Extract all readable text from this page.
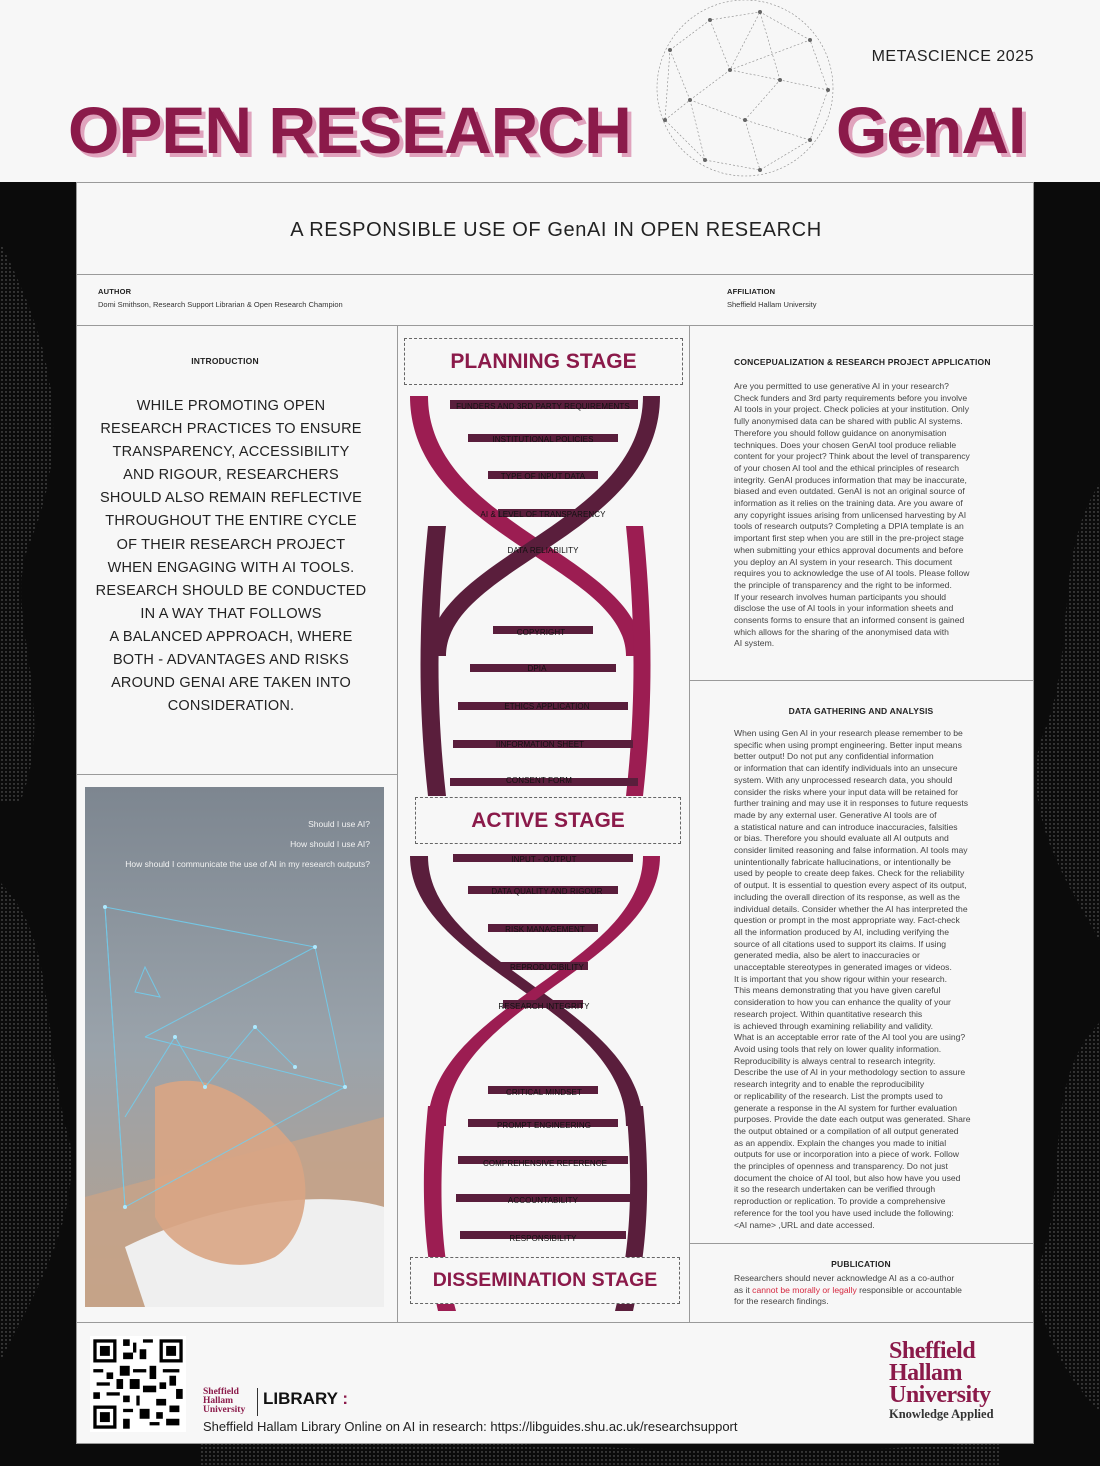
OPEN RESEARCH	GenAI
METASCIENCE 2025
A RESPONSIBLE USE OF GenAI IN OPEN RESEARCH
AUTHOR
Domi Smithson, Research Support Librarian & Open Research Champion
AFFILIATION
Sheffield Hallam University
INTRODUCTION
WHILE PROMOTING OPEN
RESEARCH PRACTICES TO ENSURE
TRANSPARENCY, ACCESSIBILITY
AND RIGOUR, RESEARCHERS
SHOULD ALSO REMAIN REFLECTIVE
THROUGHOUT THE ENTIRE CYCLE
OF THEIR RESEARCH PROJECT
WHEN ENGAGING WITH AI TOOLS.
RESEARCH SHOULD BE CONDUCTED
IN A WAY THAT FOLLOWS
A BALANCED APPROACH, WHERE
BOTH - ADVANTAGES AND RISKS
AROUND GENAI ARE TAKEN INTO
CONSIDERATION.
Should I use AI?
How should I use AI?
How should I communicate the use of AI in my research outputs?
PLANNING STAGE
ACTIVE STAGE
DISSEMINATION STAGE
FUNDERS AND 3RD PARTY REQUIREMENTS
INSTITUTIONAL POLICIES
TYPE OF INPUT DATA
AI & LEVEL OF TRANSPARENCY
DATA RELIABILITY
COPYRIGHT
DPIA
ETHICS APPLICATION
IINFORMATION SHEET
CONSENT FORM
INPUT - OUTPUT
DATA QUALITY AND RIGOUR
RISK MANAGEMENT
REPRODUCIBILITY
RESEARCH INTEGRITY
CRITICAL MINDSET
PROMPT ENGINEERING
COMPREHENSIVE REFERENCE
ACCOUNTABILITY
RESPONSIBILITY
CONCEPUALIZATION & RESEARCH PROJECT APPLICATION
Are you permitted to use generative AI in your research?
Check funders and 3rd party requirements before you involve
AI tools in your project. Check policies at your institution. Only
fully anonymised data can be shared with public AI systems.
Therefore you should follow guidance on anonymisation
techniques. Does your chosen GenAI tool produce reliable
content for your project? Think about the level of transparency
of your chosen AI tool and the ethical principles of research
integrity. GenAI produces information that may be inaccurate,
biased and even outdated. GenAI is not an original source of
information as it relies on the training data. Are you aware of
any copyright issues arising from unlicensed harvesting by AI
tools of research outputs? Completing a DPIA template is an
important first step when you are still in the pre-project stage
when submitting your ethics approval documents and before
you deploy an AI system in your research. This document
requires you to acknowledge the use of AI tools. Please follow
the principle of transparency and the right to be informed.
If your research involves human participants you should
disclose the use of AI tools in your information sheets and
consents forms to ensure that an informed consent is gained
which allows for the sharing of the anonymised data with
AI system.
DATA GATHERING AND ANALYSIS
When using Gen AI in your research please remember to be
specific when using prompt engineering. Better input means
better output! Do not put any confidential information
or information that can identify individuals into an unsecure
system. With any unprocessed research data, you should
consider the risks where your input data will be retained for
further training and may use it in responses to future requests
made by any external user. Generative AI tools are of
a statistical nature and can introduce inaccuracies, falsities
or bias. Therefore you should evaluate all AI outputs and
consider limited reasoning and false information. AI tools may
unintentionally fabricate hallucinations, or intentionally be
used by people to create deep fakes. Check for the reliability
of output. It is essential to question every aspect of its output,
including the overall direction of its response, as well as the
individual details. Consider whether the AI has interpreted the
question or prompt in the most appropriate way. Fact-check
all the information produced by AI, including verifying the
source of all citations used to support its claims. If using
generated media, also be alert to inaccuracies or
unacceptable stereotypes in generated images or videos.
It is important that you show rigour within your research.
This means demonstrating that you have given careful
consideration to how you can enhance the quality of your
research project. Within quantitative research this
is achieved through examining reliability and validity.
What is an acceptable error rate of the AI tool you are using?
Avoid using tools that rely on lower quality information.
Reproducibility is always central to research integrity.
Describe the use of AI in your methodology section to assure
research integrity and to enable the reproducibility
or replicability of the research. List the prompts used to
generate a response in the AI system for further evaluation
purposes. Provide the date each output was generated. Share
the output obtained or a compilation of all output generated
as an appendix. Explain the changes you made to initial
outputs for use or incorporation into a piece of work. Follow
the principles of openness and transparency. Do not just
document the choice of AI tool, but also how have you used
it so the research undertaken can be verified through
reproduction or replication. To provide a comprehensive
reference for the tool you have used include the following:
<AI name> ,URL and date accessed.
PUBLICATION
Researchers should never acknowledge AI as a co-author
as it cannot be morally or legally responsible or accountable
for the research findings.
Sheffield
Hallam
University
LIBRARY :
Sheffield Hallam Library Online on AI in research: https://libguides.shu.ac.uk/researchsupport
Sheffield
Hallam
University
Knowledge Applied
